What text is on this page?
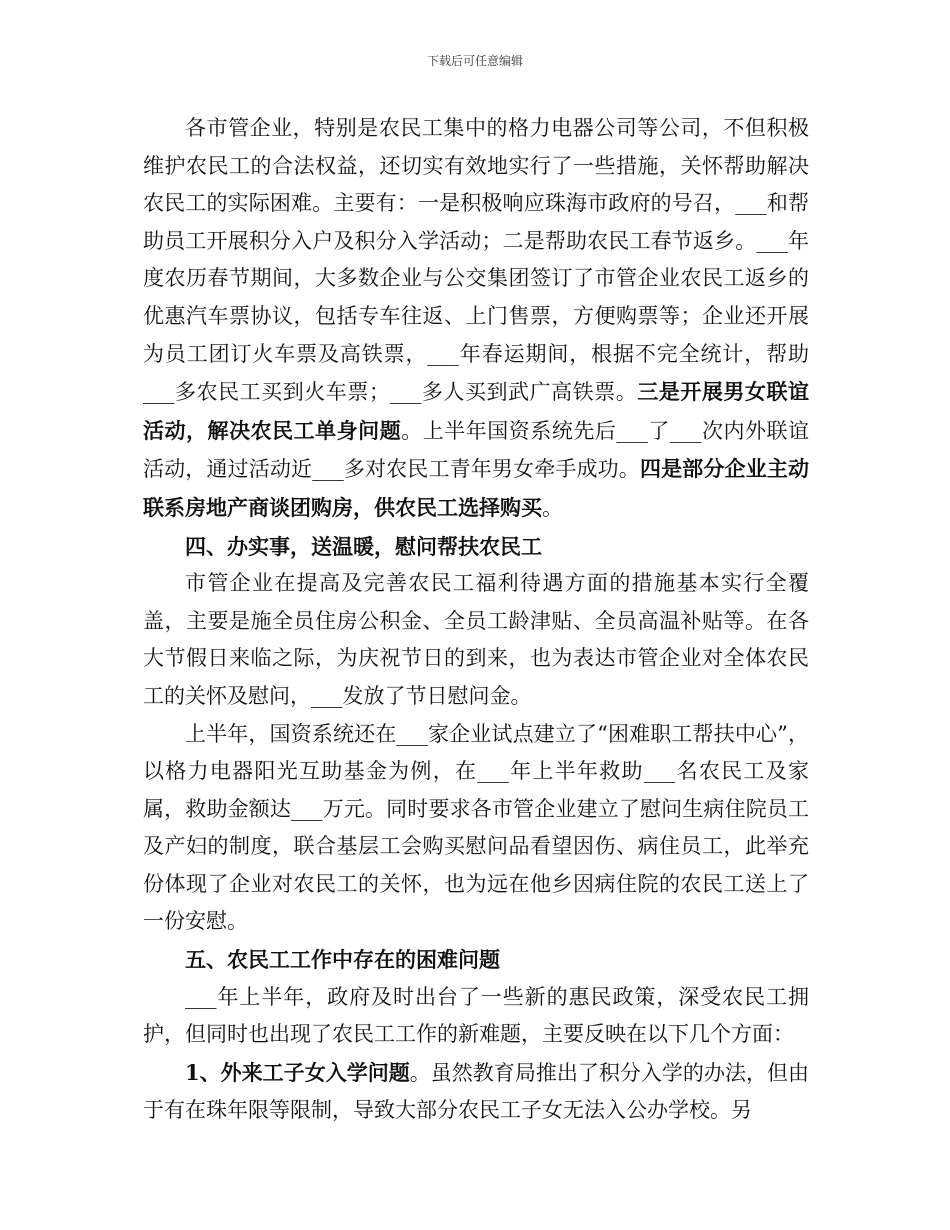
下载后可任意编辑

各市管企业，特别是农民工集中的格力电器公司等公司，不但积极维护农民工的合法权益，还切实有效地实行了一些措施，关怀帮助解决农民工的实际困难。主要有：一是积极响应珠海市政府的号召，___和帮助员工开展积分入户及积分入学活动；二是帮助农民工春节返乡。___年度农历春节期间，大多数企业与公交集团签订了市管企业农民工返乡的优惠汽车票协议，包括专车往返、上门售票，方便购票等；企业还开展为员工团订火车票及高铁票，___年春运期间，根据不完全统计，帮助___多农民工买到火车票；___多人买到武广高铁票。三是开展男女联谊活动，解决农民工单身问题。上半年国资系统先后___了___次内外联谊活动，通过活动近___多对农民工青年男女牵手成功。四是部分企业主动联系房地产商谈团购房，供农民工选择购买。

四、办实事，送温暖，慰问帮扶农民工

市管企业在提高及完善农民工福利待遇方面的措施基本实行全覆盖，主要是施全员住房公积金、全员工龄津贴、全员高温补贴等。在各大节假日来临之际，为庆祝节日的到来，也为表达市管企业对全体农民工的关怀及慰问，___发放了节日慰问金。

上半年，国资系统还在___家企业试点建立了“困难职工帮扶中心”，以格力电器阳光互助基金为例，在___年上半年救助___名农民工及家属，救助金额达___万元。同时要求各市管企业建立了慰问生病住院员工及产妇的制度，联合基层工会购买慰问品看望因伤、病住员工，此举充份体现了企业对农民工的关怀，也为远在他乡因病住院的农民工送上了一份安慰。

五、农民工工作中存在的困难问题

___年上半年，政府及时出台了一些新的惠民政策，深受农民工拥护，但同时也出现了农民工工作的新难题，主要反映在以下几个方面：

1、外来工子女入学问题。虽然教育局推出了积分入学的办法，但由于有在珠年限等限制，导致大部分农民工子女无法入公办学校。另
